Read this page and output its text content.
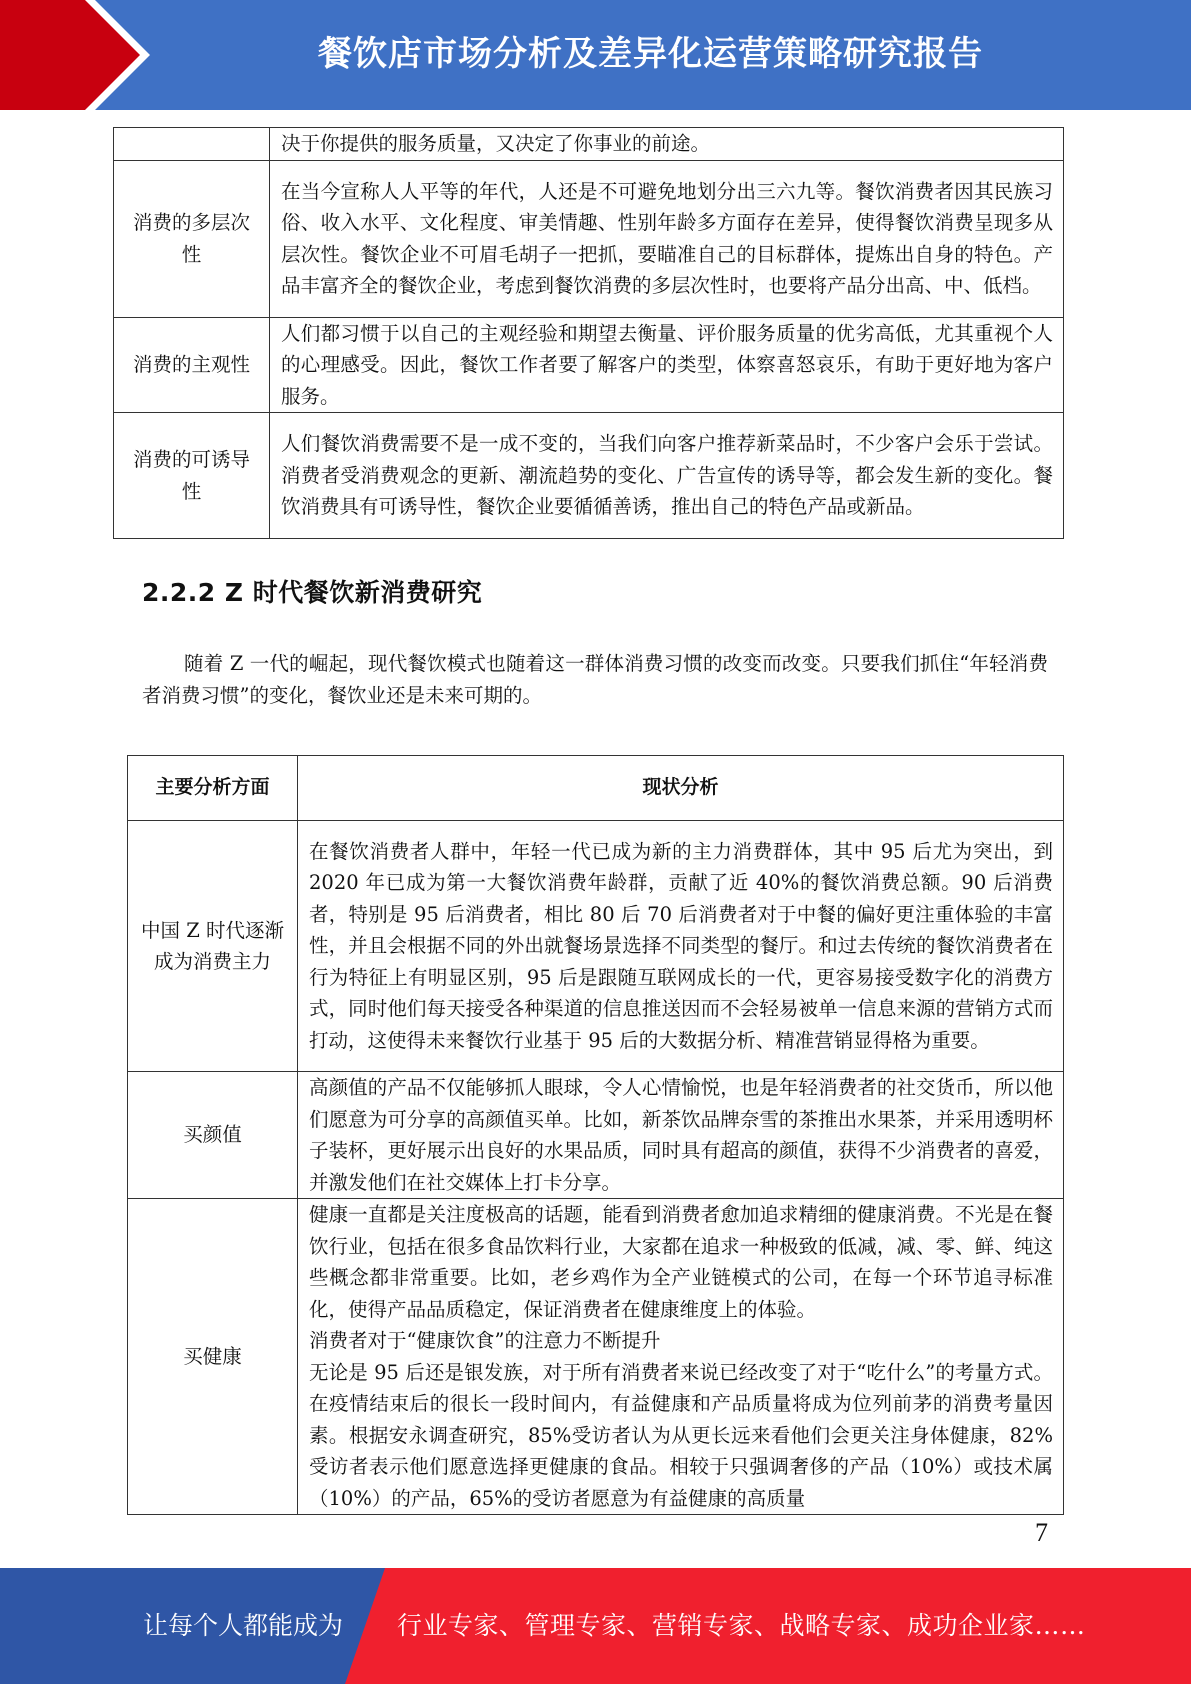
餐饮店市场分析及差异化运营策略研究报告
	决于你提供的服务质量，又决定了你事业的前途。
消费的多层次性	在当今宣称人人平等的年代，人还是不可避免地划分出三六九等。餐饮消费者因其民族习俗、收入水平、文化程度、审美情趣、性别年龄多方面存在差异，使得餐饮消费呈现多从层次性。餐饮企业不可眉毛胡子一把抓，要瞄准自己的目标群体，提炼出自身的特色。产品丰富齐全的餐饮企业，考虑到餐饮消费的多层次性时，也要将产品分出高、中、低档。
消费的主观性	人们都习惯于以自己的主观经验和期望去衡量、评价服务质量的优劣高低，尤其重视个人的心理感受。因此，餐饮工作者要了解客户的类型，体察喜怒哀乐，有助于更好地为客户服务。
消费的可诱导性	人们餐饮消费需要不是一成不变的，当我们向客户推荐新菜品时，不少客户会乐于尝试。消费者受消费观念的更新、潮流趋势的变化、广告宣传的诱导等，都会发生新的变化。餐饮消费具有可诱导性，餐饮企业要循循善诱，推出自己的特色产品或新品。
2.2.2 Z 时代餐饮新消费研究

随着 Z 一代的崛起，现代餐饮模式也随着这一群体消费习惯的改变而改变。只要我们抓住“年轻消费者消费习惯”的变化，餐饮业还是未来可期的。

主要分析方面	现状分析
中国 Z 时代逐渐成为消费主力	在餐饮消费者人群中，年轻一代已成为新的主力消费群体，其中 95 后尤为突出，到 2020 年已成为第一大餐饮消费年龄群，贡献了近 40%的餐饮消费总额。90 后消费者，特别是 95 后消费者，相比 80 后 70 后消费者对于中餐的偏好更注重体验的丰富性，并且会根据不同的外出就餐场景选择不同类型的餐厅。和过去传统的餐饮消费者在行为特征上有明显区别，95 后是跟随互联网成长的一代，更容易接受数字化的消费方式，同时他们每天接受各种渠道的信息推送因而不会轻易被单一信息来源的营销方式而打动，这使得未来餐饮行业基于 95 后的大数据分析、精准营销显得格为重要。
买颜值	高颜值的产品不仅能够抓人眼球，令人心情愉悦，也是年轻消费者的社交货币，所以他们愿意为可分享的高颜值买单。比如，新茶饮品牌奈雪的茶推出水果茶，并采用透明杯子装杯，更好展示出良好的水果品质，同时具有超高的颜值，获得不少消费者的喜爱，并激发他们在社交媒体上打卡分享。
买健康	健康一直都是关注度极高的话题，能看到消费者愈加追求精细的健康消费。不光是在餐饮行业，包括在很多食品饮料行业，大家都在追求一种极致的低减，减、零、鲜、纯这些概念都非常重要。比如，老乡鸡作为全产业链模式的公司，在每一个环节追寻标准化，使得产品品质稳定，保证消费者在健康维度上的体验。
消费者对于“健康饮食”的注意力不断提升
无论是 95 后还是银发族，对于所有消费者来说已经改变了对于“吃什么”的考量方式。在疫情结束后的很长一段时间内，有益健康和产品质量将成为位列前茅的消费考量因素。根据安永调查研究，85%受访者认为从更长远来看他们会更关注身体健康，82%受访者表示他们愿意选择更健康的食品。相较于只强调奢侈的产品（10%）或技术属（10%）的产品，65%的受访者愿意为有益健康的高质量
7
让每个人都能成为 行业专家、管理专家、营销专家、战略专家、成功企业家……
